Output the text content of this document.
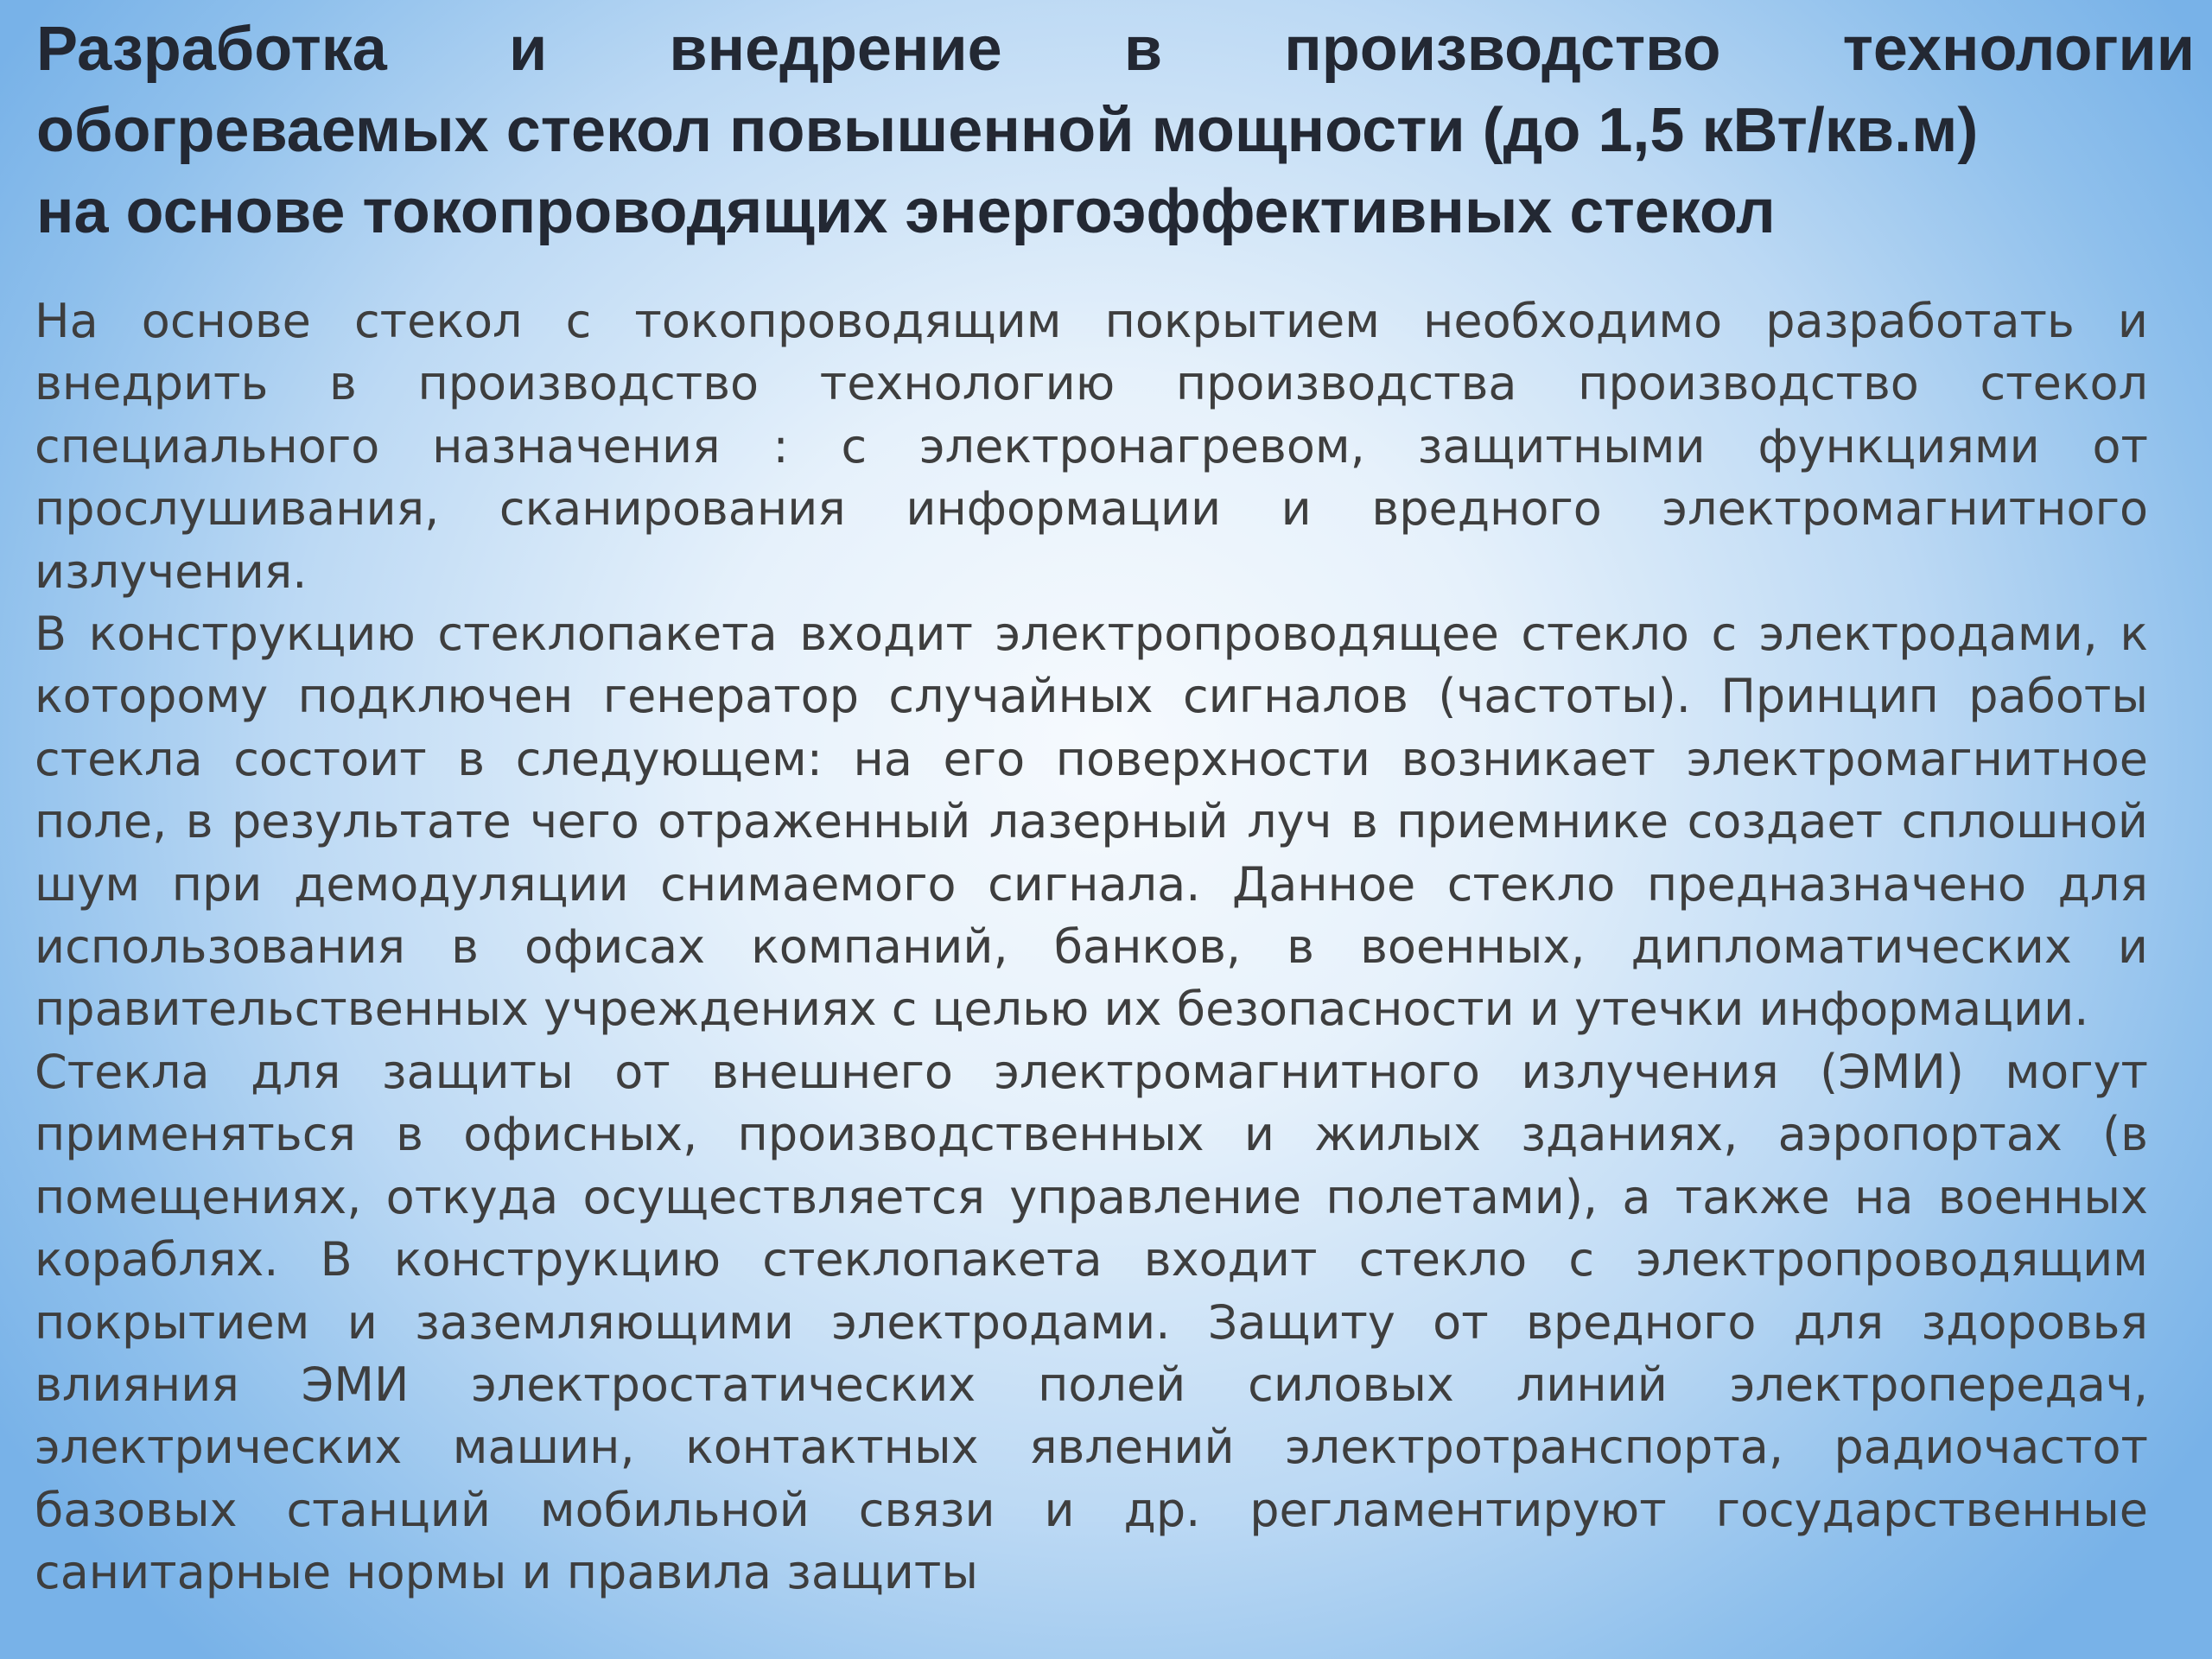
Разработка и внедрение в производство технологии
обогреваемых стекол повышенной мощности (до 1,5 кВт/кв.м)
на основе токопроводящих энергоэффективных стекол

На основе стекол с токопроводящим покрытием необходимо разработать и внедрить в производство технологию производства производство стекол специального назначения : с электронагревом, защитными функциями от прослушивания, сканирования информации и вредного электромагнитного излучения.

В конструкцию стеклопакета входит электропроводящее стекло с электродами, к которому подключен генератор случайных сигналов (частоты). Принцип работы стекла состоит в следующем: на его поверхности возникает электромагнитное поле, в результате чего отраженный лазерный луч в приемнике создает сплошной шум при демодуляции снимаемого сигнала. Данное стекло предназначено для использования в офисах компаний, банков, в военных, дипломатических и правительственных учреждениях с целью их безопасности и утечки информации.

Стекла для защиты от внешнего электромагнитного излучения (ЭМИ) могут применяться в офисных, производственных и жилых зданиях, аэропортах (в помещениях, откуда осуществляется управление полетами), а также на военных кораблях. В конструкцию стеклопакета входит стекло с электропроводящим покрытием и заземляющими электродами. Защиту от вредного для здоровья влияния ЭМИ электростатических полей силовых линий электропередач, электрических машин, контактных явлений электротранспорта, радиочастот базовых станций мобильной связи и др. регламентируют государственные санитарные нормы и правила защиты
